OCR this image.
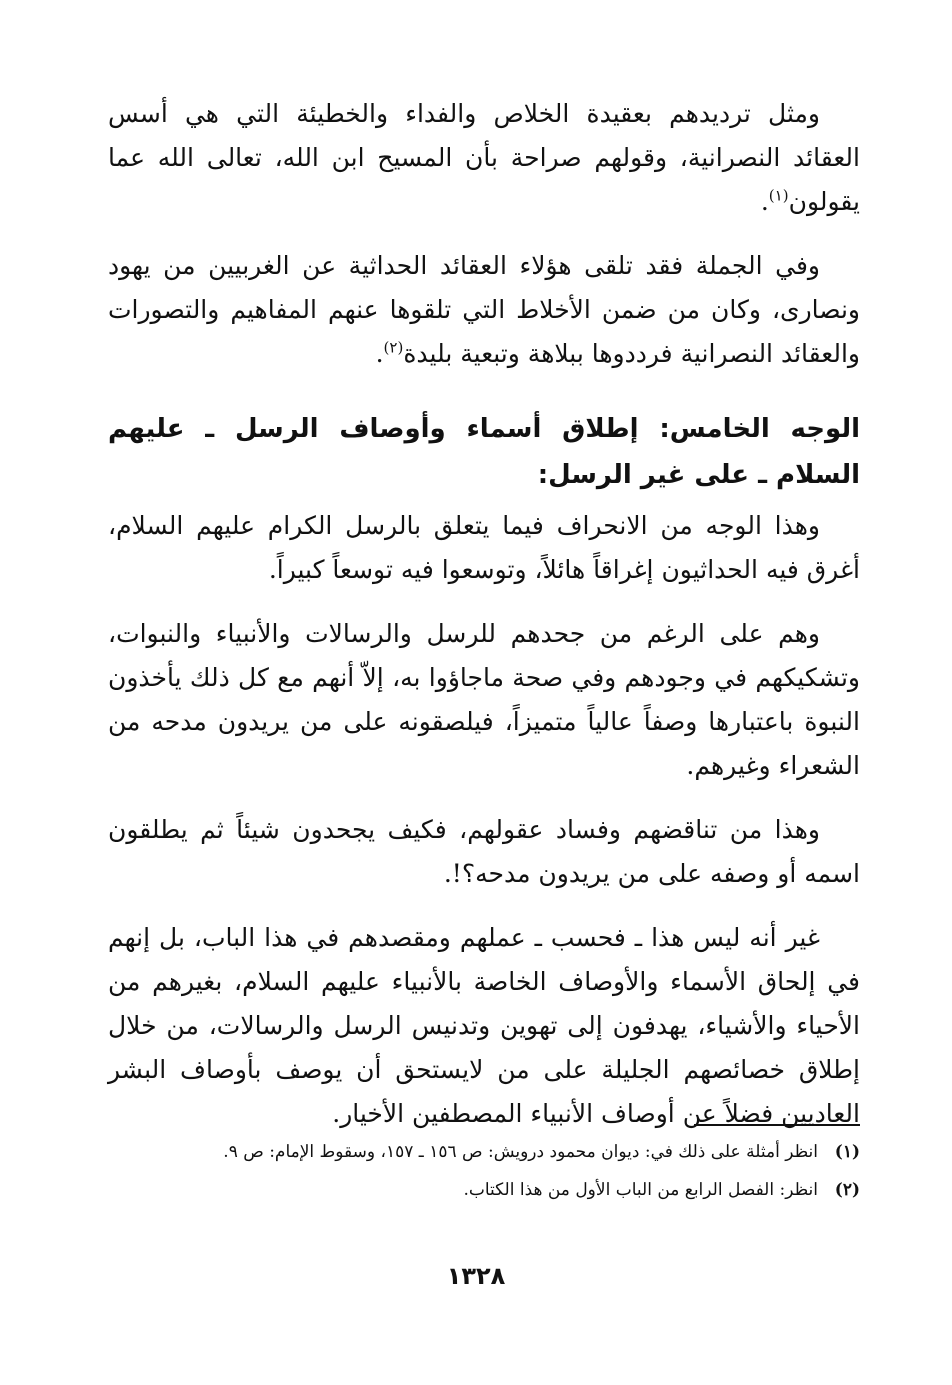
ومثل ترديدهم بعقيدة الخلاص والفداء والخطيئة التي هي أسس العقائد النصرانية، وقولهم صراحة بأن المسيح ابن الله، تعالى الله عما يقولون$^{(١)}$.

وفي الجملة فقد تلقى هؤلاء العقائد الحداثية عن الغربيين من يهود ونصارى، وكان من ضمن الأخلاط التي تلقوها عنهم المفاهيم والتصورات والعقائد النصرانية فرددوها ببلاهة وتبعية بليدة$^{(٢)}$.

الوجه الخامس: إطلاق أسماء وأوصاف الرسل ـ عليهم السلام ـ على غير الرسل:

وهذا الوجه من الانحراف فيما يتعلق بالرسل الكرام عليهم السلام، أغرق فيه الحداثيون إغراقاً هائلاً، وتوسعوا فيه توسعاً كبيراً.

وهم على الرغم من جحدهم للرسل والرسالات والأنبياء والنبوات، وتشكيكهم في وجودهم وفي صحة ماجاؤوا به، إلاّ أنهم مع كل ذلك يأخذون النبوة باعتبارها وصفاً عالياً متميزاً، فيلصقونه على من يريدون مدحه من الشعراء وغيرهم.

وهذا من تناقضهم وفساد عقولهم، فكيف يجحدون شيئاً ثم يطلقون اسمه أو وصفه على من يريدون مدحه؟!.

غير أنه ليس هذا ـ فحسب ـ عملهم ومقصدهم في هذا الباب، بل إنهم في إلحاق الأسماء والأوصاف الخاصة بالأنبياء عليهم السلام، بغيرهم من الأحياء والأشياء، يهدفون إلى تهوين وتدنيس الرسل والرسالات، من خلال إطلاق خصائصهم الجليلة على من لايستحق أن يوصف بأوصاف البشر العاديين فضلاً عن أوصاف الأنبياء المصطفين الأخيار.

(١)
انظر أمثلة على ذلك في: ديوان محمود درويش: ص ١٥٦ ـ ١٥٧، وسقوط الإمام: ص ٩.
(٢)
انظر: الفصل الرابع من الباب الأول من هذا الكتاب.
١٣٢٨
